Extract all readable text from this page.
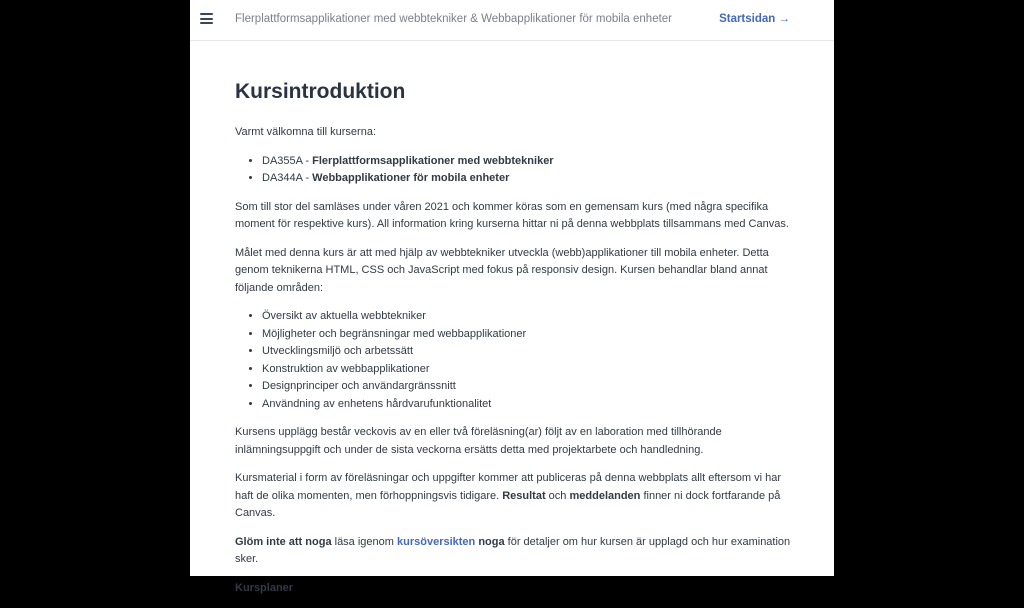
Flerplattformsapplikationer med webbtekniker & Webbapplikationer för mobila enheter	Startsidan →
Kursintroduktion

Varmt välkomna till kurserna:

• DA355A - Flerplattformsapplikationer med webbtekniker
• DA344A - Webbapplikationer för mobila enheter

Som till stor del samläses under våren 2021 och kommer köras som en gemensam kurs (med några specifika moment för respektive kurs). All information kring kurserna hittar ni på denna webbplats tillsammans med Canvas.

Målet med denna kurs är att med hjälp av webbtekniker utveckla (webb)applikationer till mobila enheter. Detta genom teknikerna HTML, CSS och JavaScript med fokus på responsiv design. Kursen behandlar bland annat följande områden:

• Översikt av aktuella webbtekniker
• Möjligheter och begränsningar med webbapplikationer
• Utvecklingsmiljö och arbetssätt
• Konstruktion av webbapplikationer
• Designprinciper och användargränssnitt
• Användning av enhetens hårdvarufunktionalitet

Kursens upplägg består veckovis av en eller två föreläsning(ar) följt av en laboration med tillhörande inlämningsuppgift och under de sista veckorna ersätts detta med projektarbete och handledning.

Kursmaterial i form av föreläsningar och uppgifter kommer att publiceras på denna webbplats allt eftersom vi har haft de olika momenten, men förhoppningsvis tidigare. Resultat och meddelanden finner ni dock fortfarande på Canvas.

Glöm inte att noga läsa igenom kursöversikten noga för detaljer om hur kursen är upplagd och hur examination sker.

Kursplaner
